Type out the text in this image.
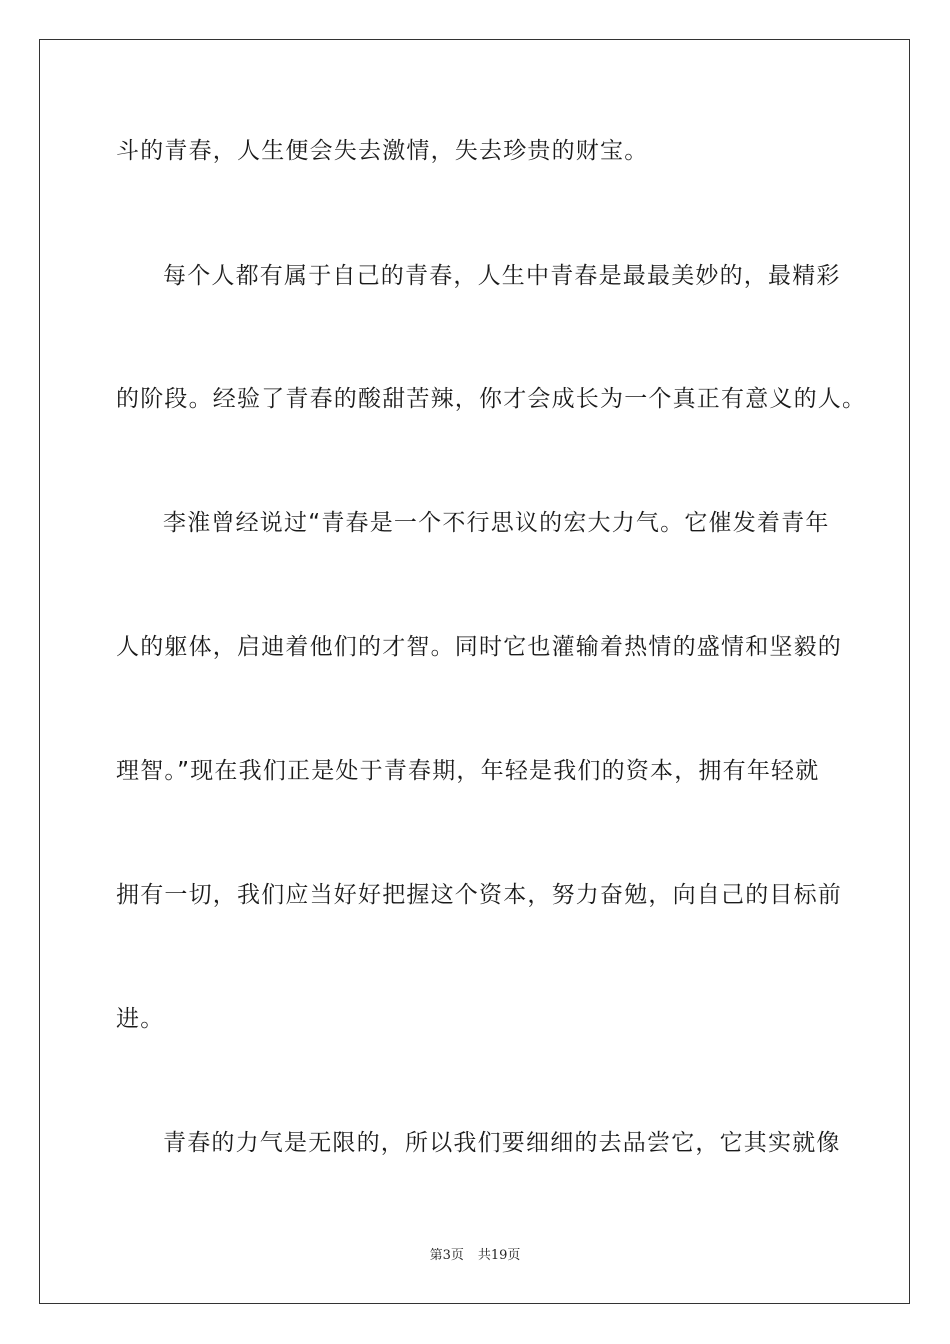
斗的青春，人生便会失去激情，失去珍贵的财宝。
每个人都有属于自己的青春，人生中青春是最最美妙的，最精彩
的阶段。经验了青春的酸甜苦辣，你才会成长为一个真正有意义的人。
李淮曾经说过“青春是一个不行思议的宏大力气。它催发着青年
人的躯体，启迪着他们的才智。同时它也灌输着热情的盛情和坚毅的
理智。”现在我们正是处于青春期，年轻是我们的资本，拥有年轻就
拥有一切，我们应当好好把握这个资本，努力奋勉，向自己的目标前
进。
青春的力气是无限的，所以我们要细细的去品尝它，它其实就像
第3页 共19页
